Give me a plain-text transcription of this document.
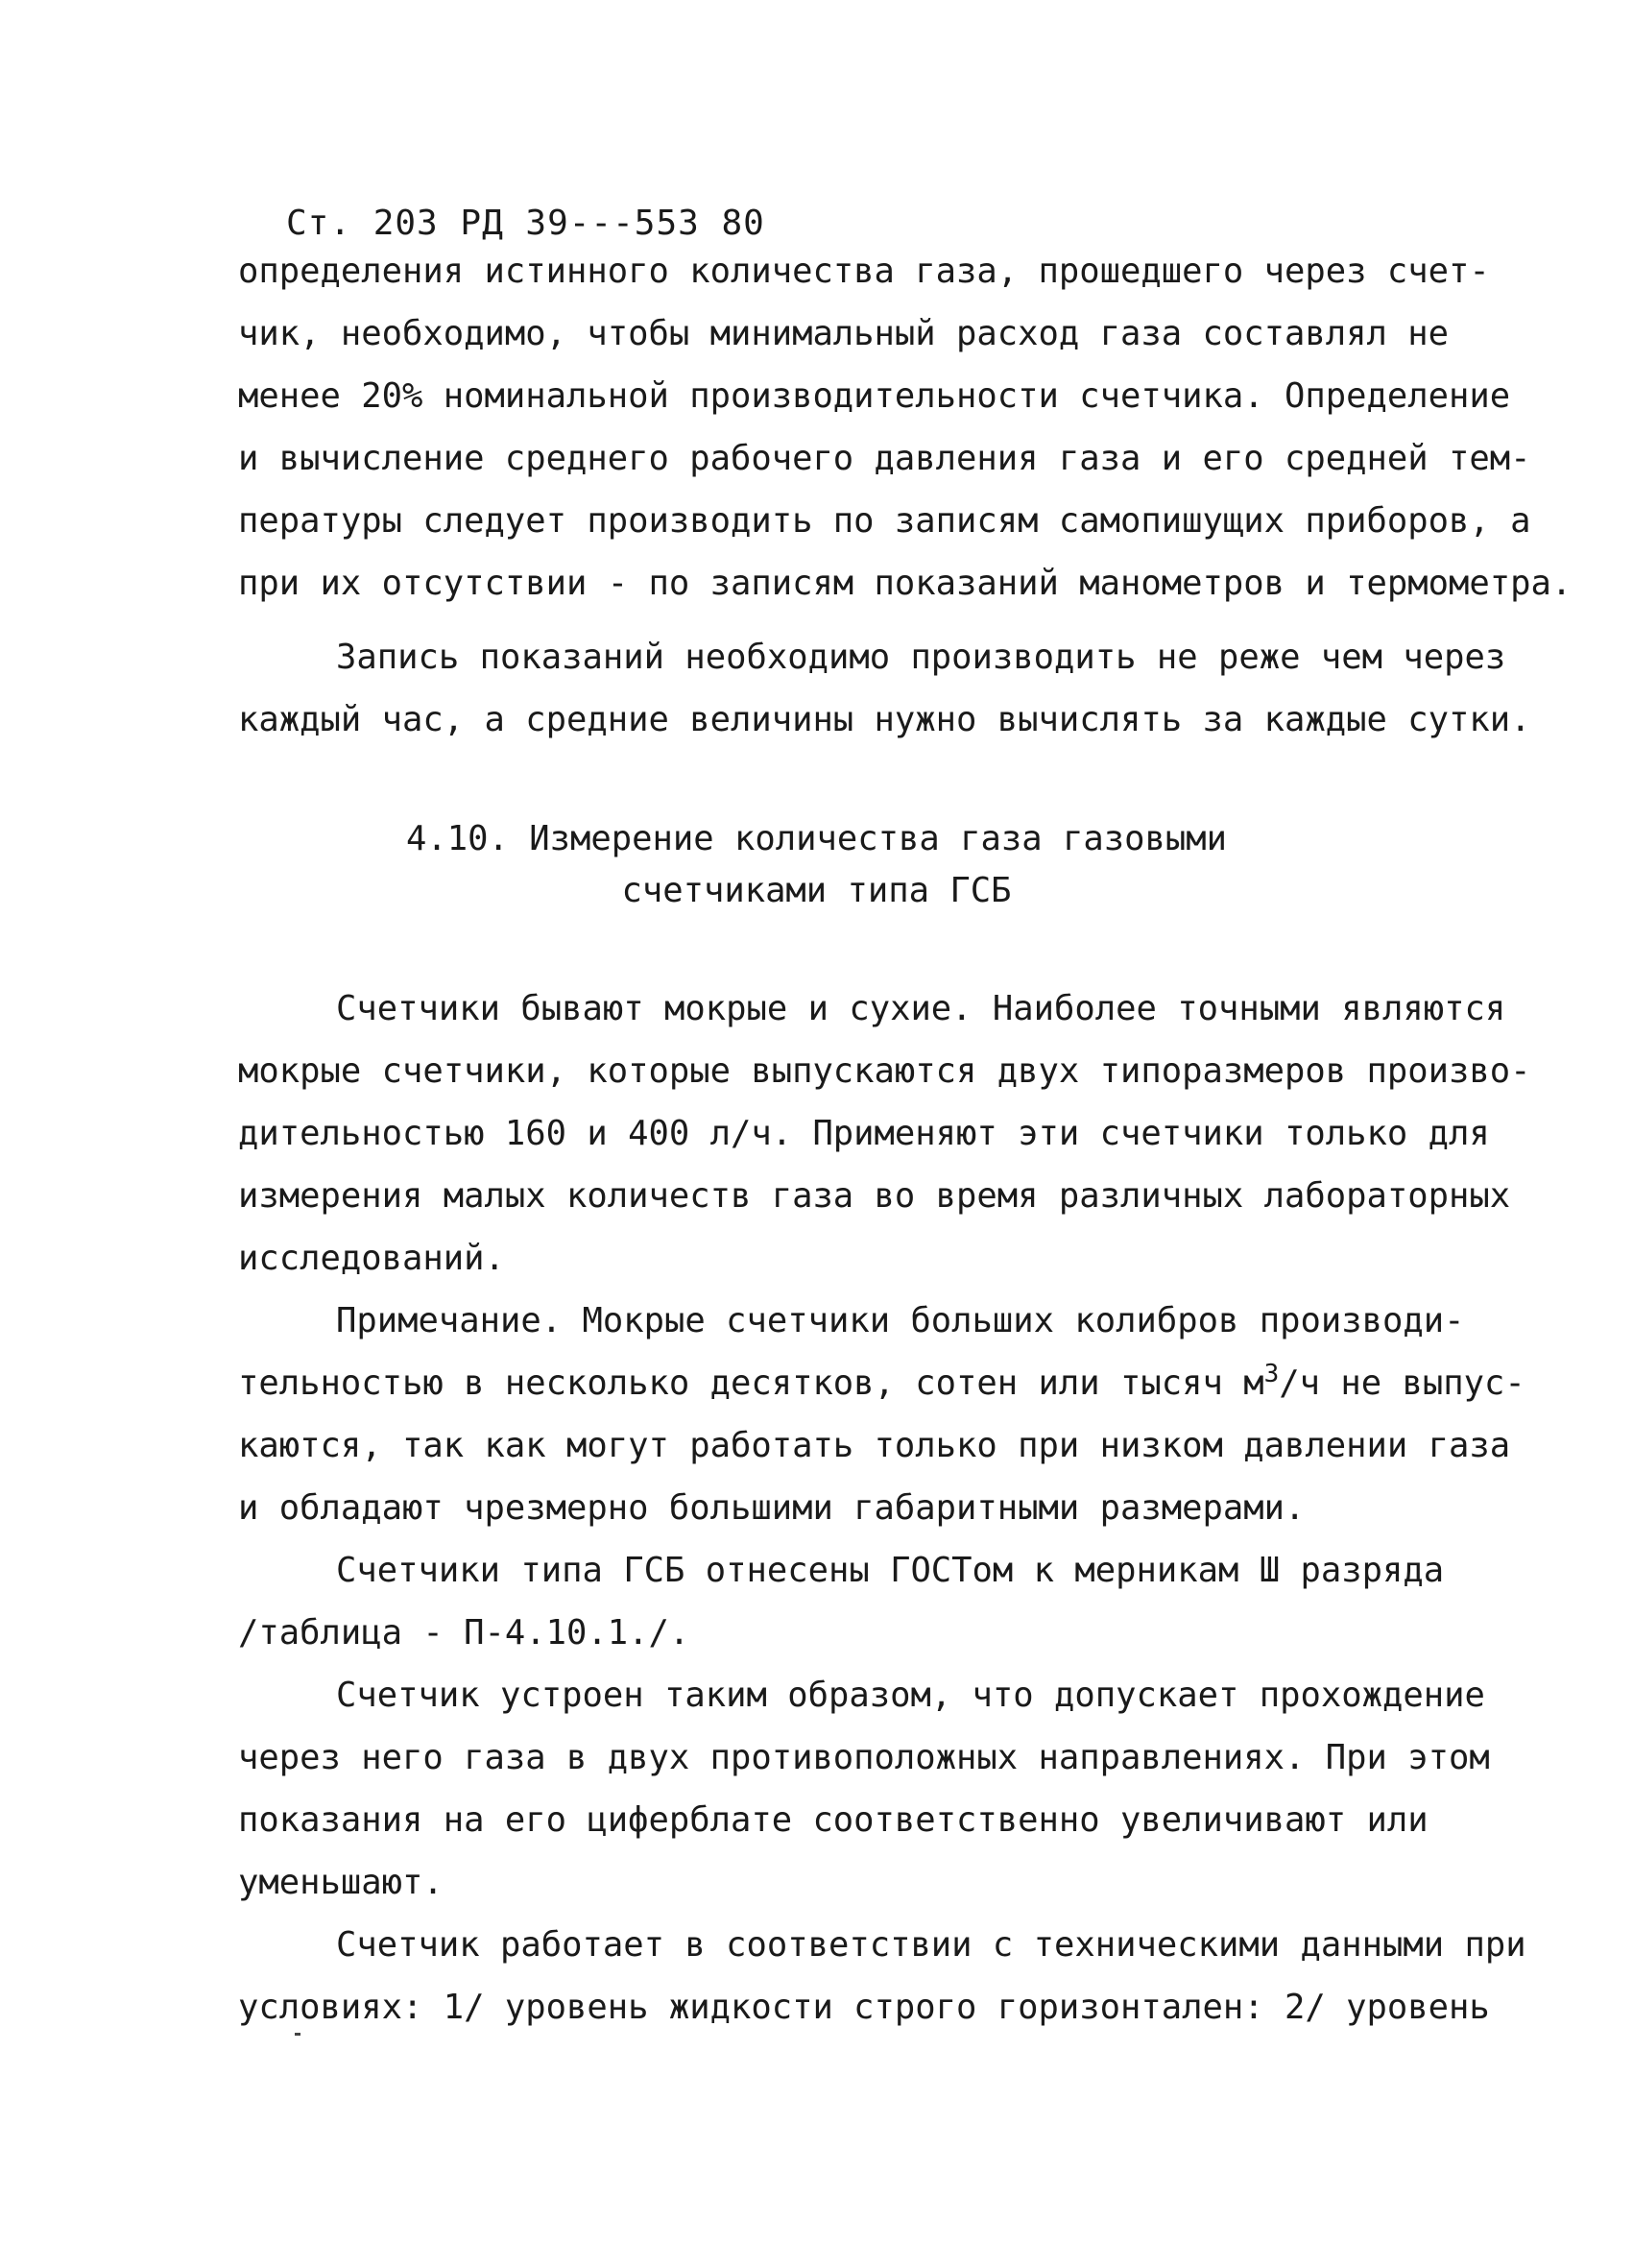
Ст. 203 РД 39-‑-553 80
определения истинного количества газа, прошедшего через счет-
чик, необходимо, чтобы минимальный расход газа составлял не
менее 20% номинальной производительности счетчика. Определение
и вычисление среднего рабочего давления газа и его средней тем-
пературы следует производить по записям самопишущих приборов, а
при их отсутствии - по записям показаний манометров и термометра.
Запись показаний необходимо производить не реже чем через
каждый час, а средние величины нужно вычислять за каждые сутки.
4.10. Измерение количества газа газовыми
счетчиками типа ГСБ
Счетчики бывают мокрые и сухие. Наиболее точными являются
мокрые счетчики, которые выпускаются двух типоразмеров произво-
дительностью 160 и 400 л/ч. Применяют эти счетчики только для
измерения малых количеств газа во время различных лабораторных
исследований.
Примечание. Мокрые счетчики больших колибров производи-
тельностью в несколько десятков, сотен или тысяч $м^3/ч$ не выпус-
каются, так как могут работать только при низком давлении газа
и обладают чрезмерно большими габаритными размерами.
Счетчики типа ГСБ отнесены ГОСТом к мерникам Ш разряда
/таблица - П-4.10.1./.
Счетчик устроен таким образом, что допускает прохождение
через него газа в двух противоположных направлениях. При этом
показания на его циферблате соответственно увеличивают или
уменьшают.
Счетчик работает в соответствии с техническими данными при
условиях: 1/ уровень жидкости строго горизонтален: 2/ уровень
